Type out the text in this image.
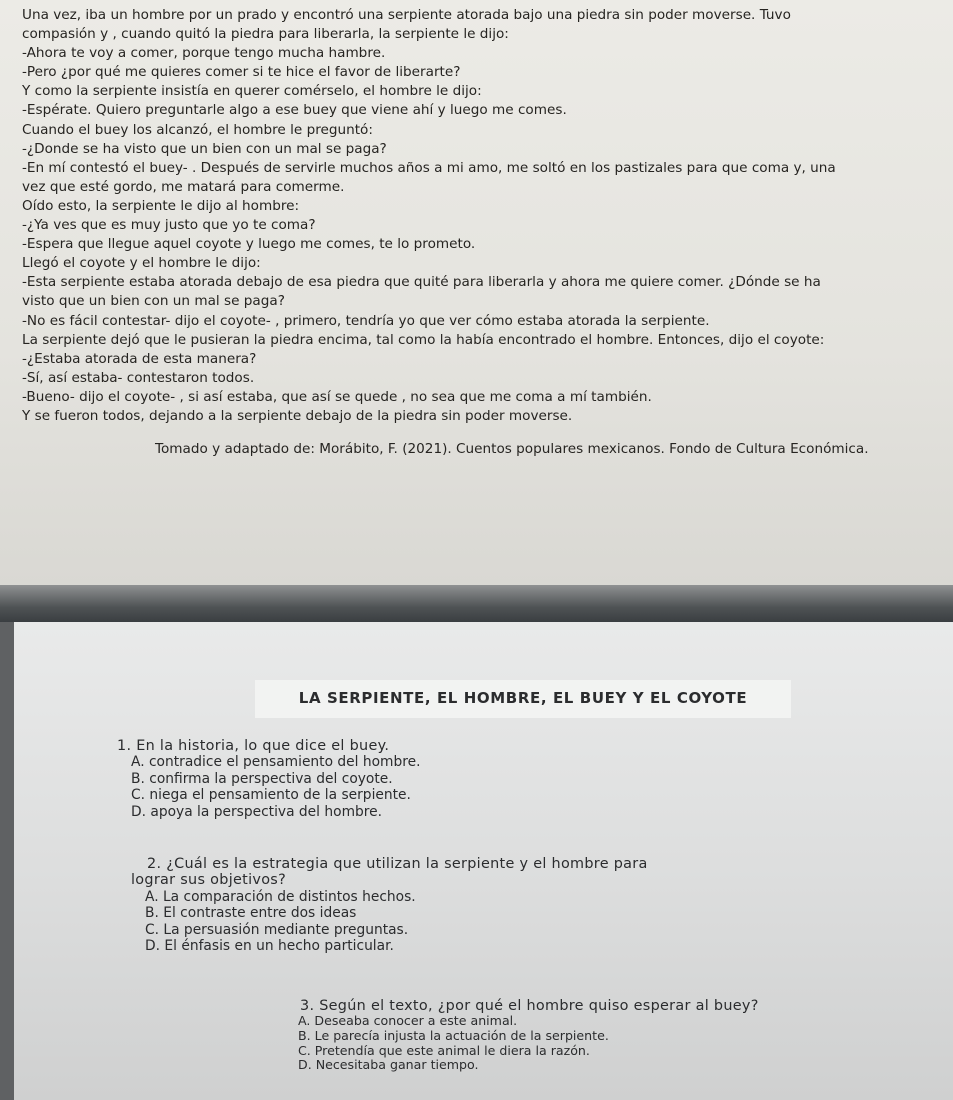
Una vez, iba un hombre por un prado y encontró una serpiente atorada bajo una piedra sin poder moverse. Tuvo
compasión y , cuando quitó la piedra para liberarla, la serpiente le dijo:
-Ahora te voy a comer, porque tengo mucha hambre.
-Pero ¿por qué me quieres comer si te hice el favor de liberarte?
Y como la serpiente insistía en querer comérselo, el hombre le dijo:
-Espérate. Quiero preguntarle algo a ese buey que viene ahí y luego me comes.
Cuando el buey los alcanzó, el hombre le preguntó:
-¿Donde se ha visto que un bien con un mal se paga?
-En mí contestó el buey- . Después de servirle muchos años a mi amo, me soltó en los pastizales para que coma y, una
vez que esté gordo, me matará para comerme.
Oído esto, la serpiente le dijo al hombre:
-¿Ya ves que es muy justo que yo te coma?
-Espera que llegue aquel coyote y luego me comes, te lo prometo.
Llegó el coyote y el hombre le dijo:
-Esta serpiente estaba atorada debajo de esa piedra que quité para liberarla y ahora me quiere comer. ¿Dónde se ha
visto que un bien con un mal se paga?
-No es fácil contestar- dijo el coyote- , primero, tendría yo que ver cómo estaba atorada la serpiente.
La serpiente dejó que le pusieran la piedra encima, tal como la había encontrado el hombre. Entonces, dijo el coyote:
-¿Estaba atorada de esta manera?
-Sí, así estaba- contestaron todos.
-Bueno- dijo el coyote- , si así estaba, que así se quede , no sea que me coma a mí también.
Y se fueron todos, dejando a la serpiente debajo de la piedra sin poder moverse.
Tomado y adaptado de: Morábito, F. (2021). Cuentos populares mexicanos. Fondo de Cultura Económica.
LA SERPIENTE, EL HOMBRE, EL BUEY Y EL COYOTE
1. En la historia, lo que dice el buey.
A. contradice el pensamiento del hombre.
B. confirma la perspectiva del coyote.
C. niega el pensamiento de la serpiente.
D. apoya la perspectiva del hombre.
2. ¿Cuál es la estrategia que utilizan la serpiente y el hombre para
lograr sus objetivos?
A. La comparación de distintos hechos.
B. El contraste entre dos ideas
C. La persuasión mediante preguntas.
D. El énfasis en un hecho particular.
3. Según el texto, ¿por qué el hombre quiso esperar al buey?
A. Deseaba conocer a este animal.
B. Le parecía injusta la actuación de la serpiente.
C. Pretendía que este animal le diera la razón.
D. Necesitaba ganar tiempo.
